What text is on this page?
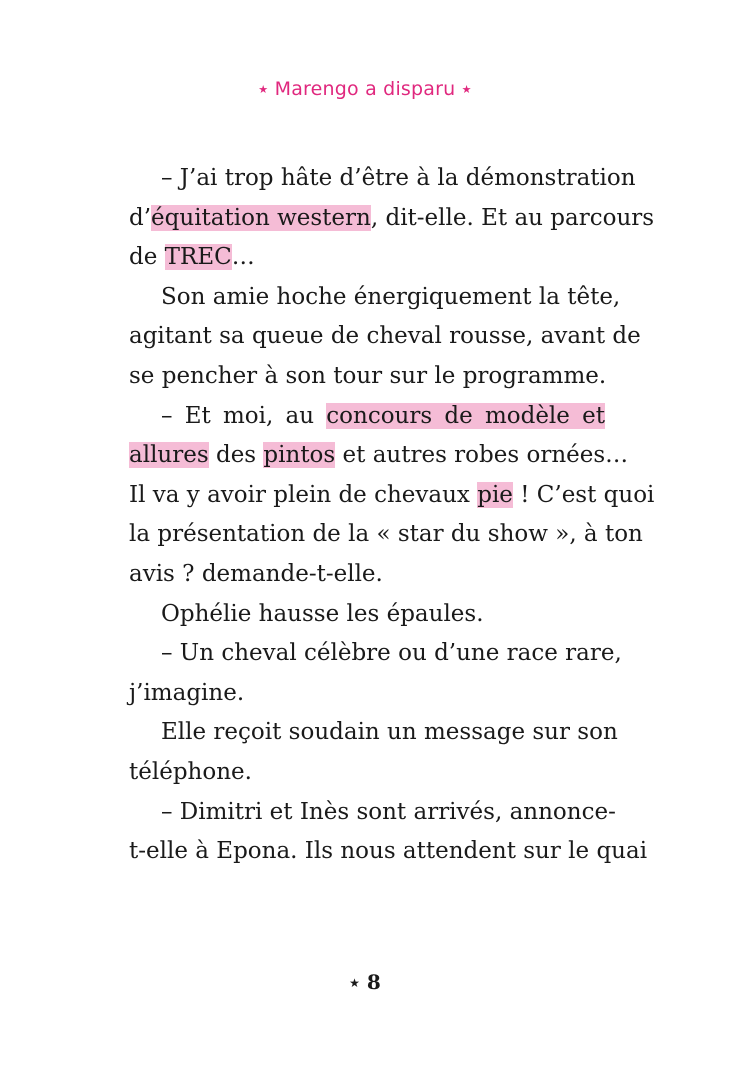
★ Marengo a disparu ★
– J’ai trop hâte d’être à la démonstration
d’équitation western, dit-elle. Et au parcours
de TREC…
Son amie hoche énergiquement la tête,
agitant sa queue de cheval rousse, avant de
se pencher à son tour sur le programme.
– Et moi, au concours de modèle et
allures des pintos et autres robes ornées…
Il va y avoir plein de chevaux pie ! C’est quoi
la présentation de la « star du show », à ton
avis ? demande-t-elle.
Ophélie hausse les épaules.
– Un cheval célèbre ou d’une race rare,
j’imagine.
Elle reçoit soudain un message sur son
téléphone.
– Dimitri et Inès sont arrivés, annonce-
t-elle à Epona. Ils nous attendent sur le quai
★ 8
